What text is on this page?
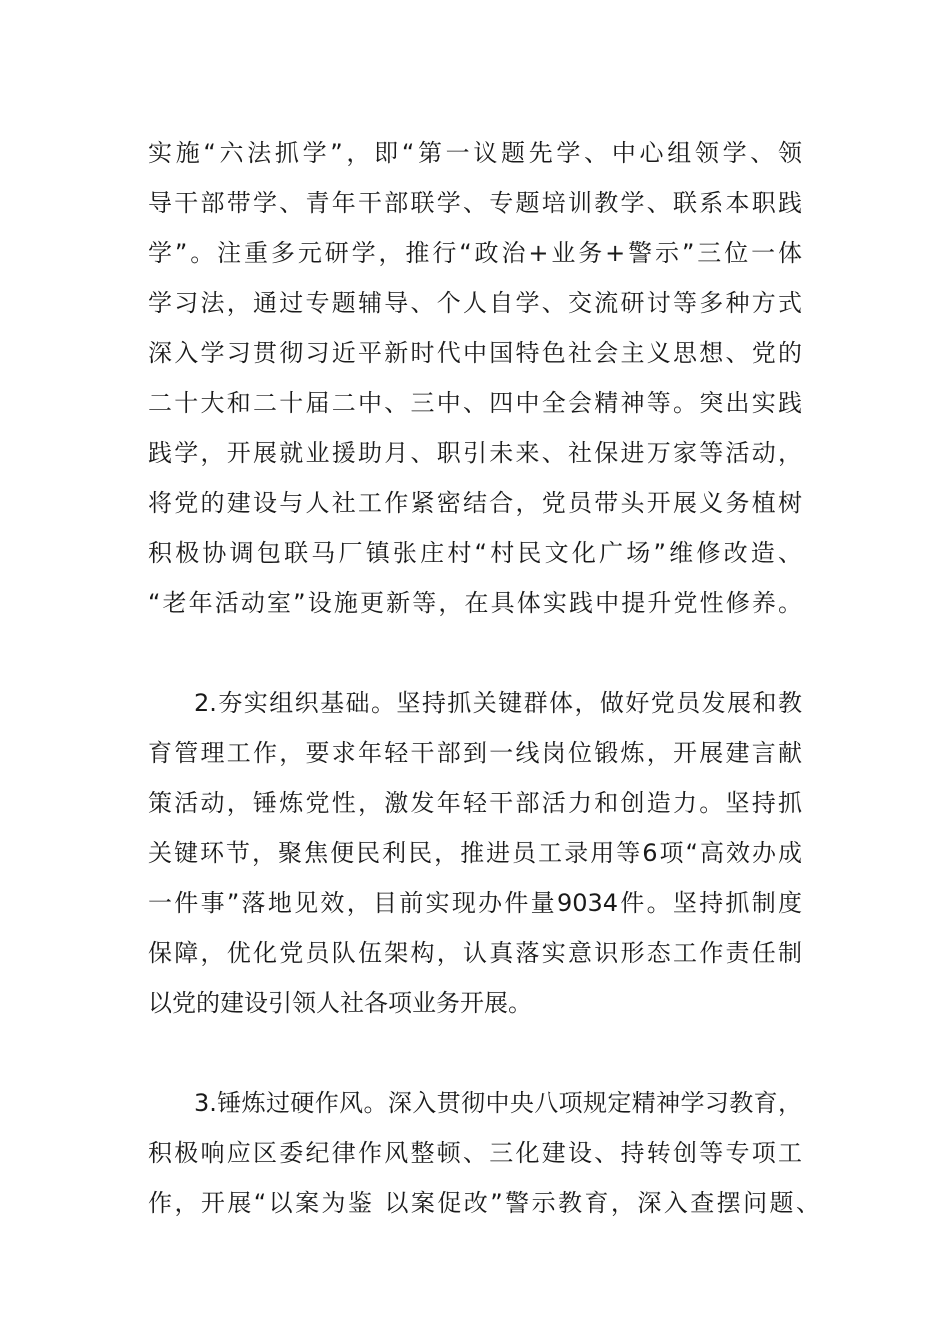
实施“六法抓学”，即“第一议题先学、中心组领学、领
导干部带学、青年干部联学、专题培训教学、联系本职践
学”。注重多元研学，推行“政治+业务+警示”三位一体
学习法，通过专题辅导、个人自学、交流研讨等多种方式
深入学习贯彻习近平新时代中国特色社会主义思想、党的
二十大和二十届二中、三中、四中全会精神等。突出实践
践学，开展就业援助月、职引未来、社保进万家等活动，
将党的建设与人社工作紧密结合，党员带头开展义务植树
积极协调包联马厂镇张庄村“村民文化广场”维修改造、
“老年活动室”设施更新等，在具体实践中提升党性修养。
2.夯实组织基础。坚持抓关键群体，做好党员发展和教
育管理工作，要求年轻干部到一线岗位锻炼，开展建言献
策活动，锤炼党性，激发年轻干部活力和创造力。坚持抓
关键环节，聚焦便民利民，推进员工录用等6项“高效办成
一件事”落地见效，目前实现办件量9034件。坚持抓制度
保障，优化党员队伍架构，认真落实意识形态工作责任制
以党的建设引领人社各项业务开展。
3.锤炼过硬作风。深入贯彻中央八项规定精神学习教育，
积极响应区委纪律作风整顿、三化建设、持转创等专项工
作，开展“以案为鉴 以案促改”警示教育，深入查摆问题、
